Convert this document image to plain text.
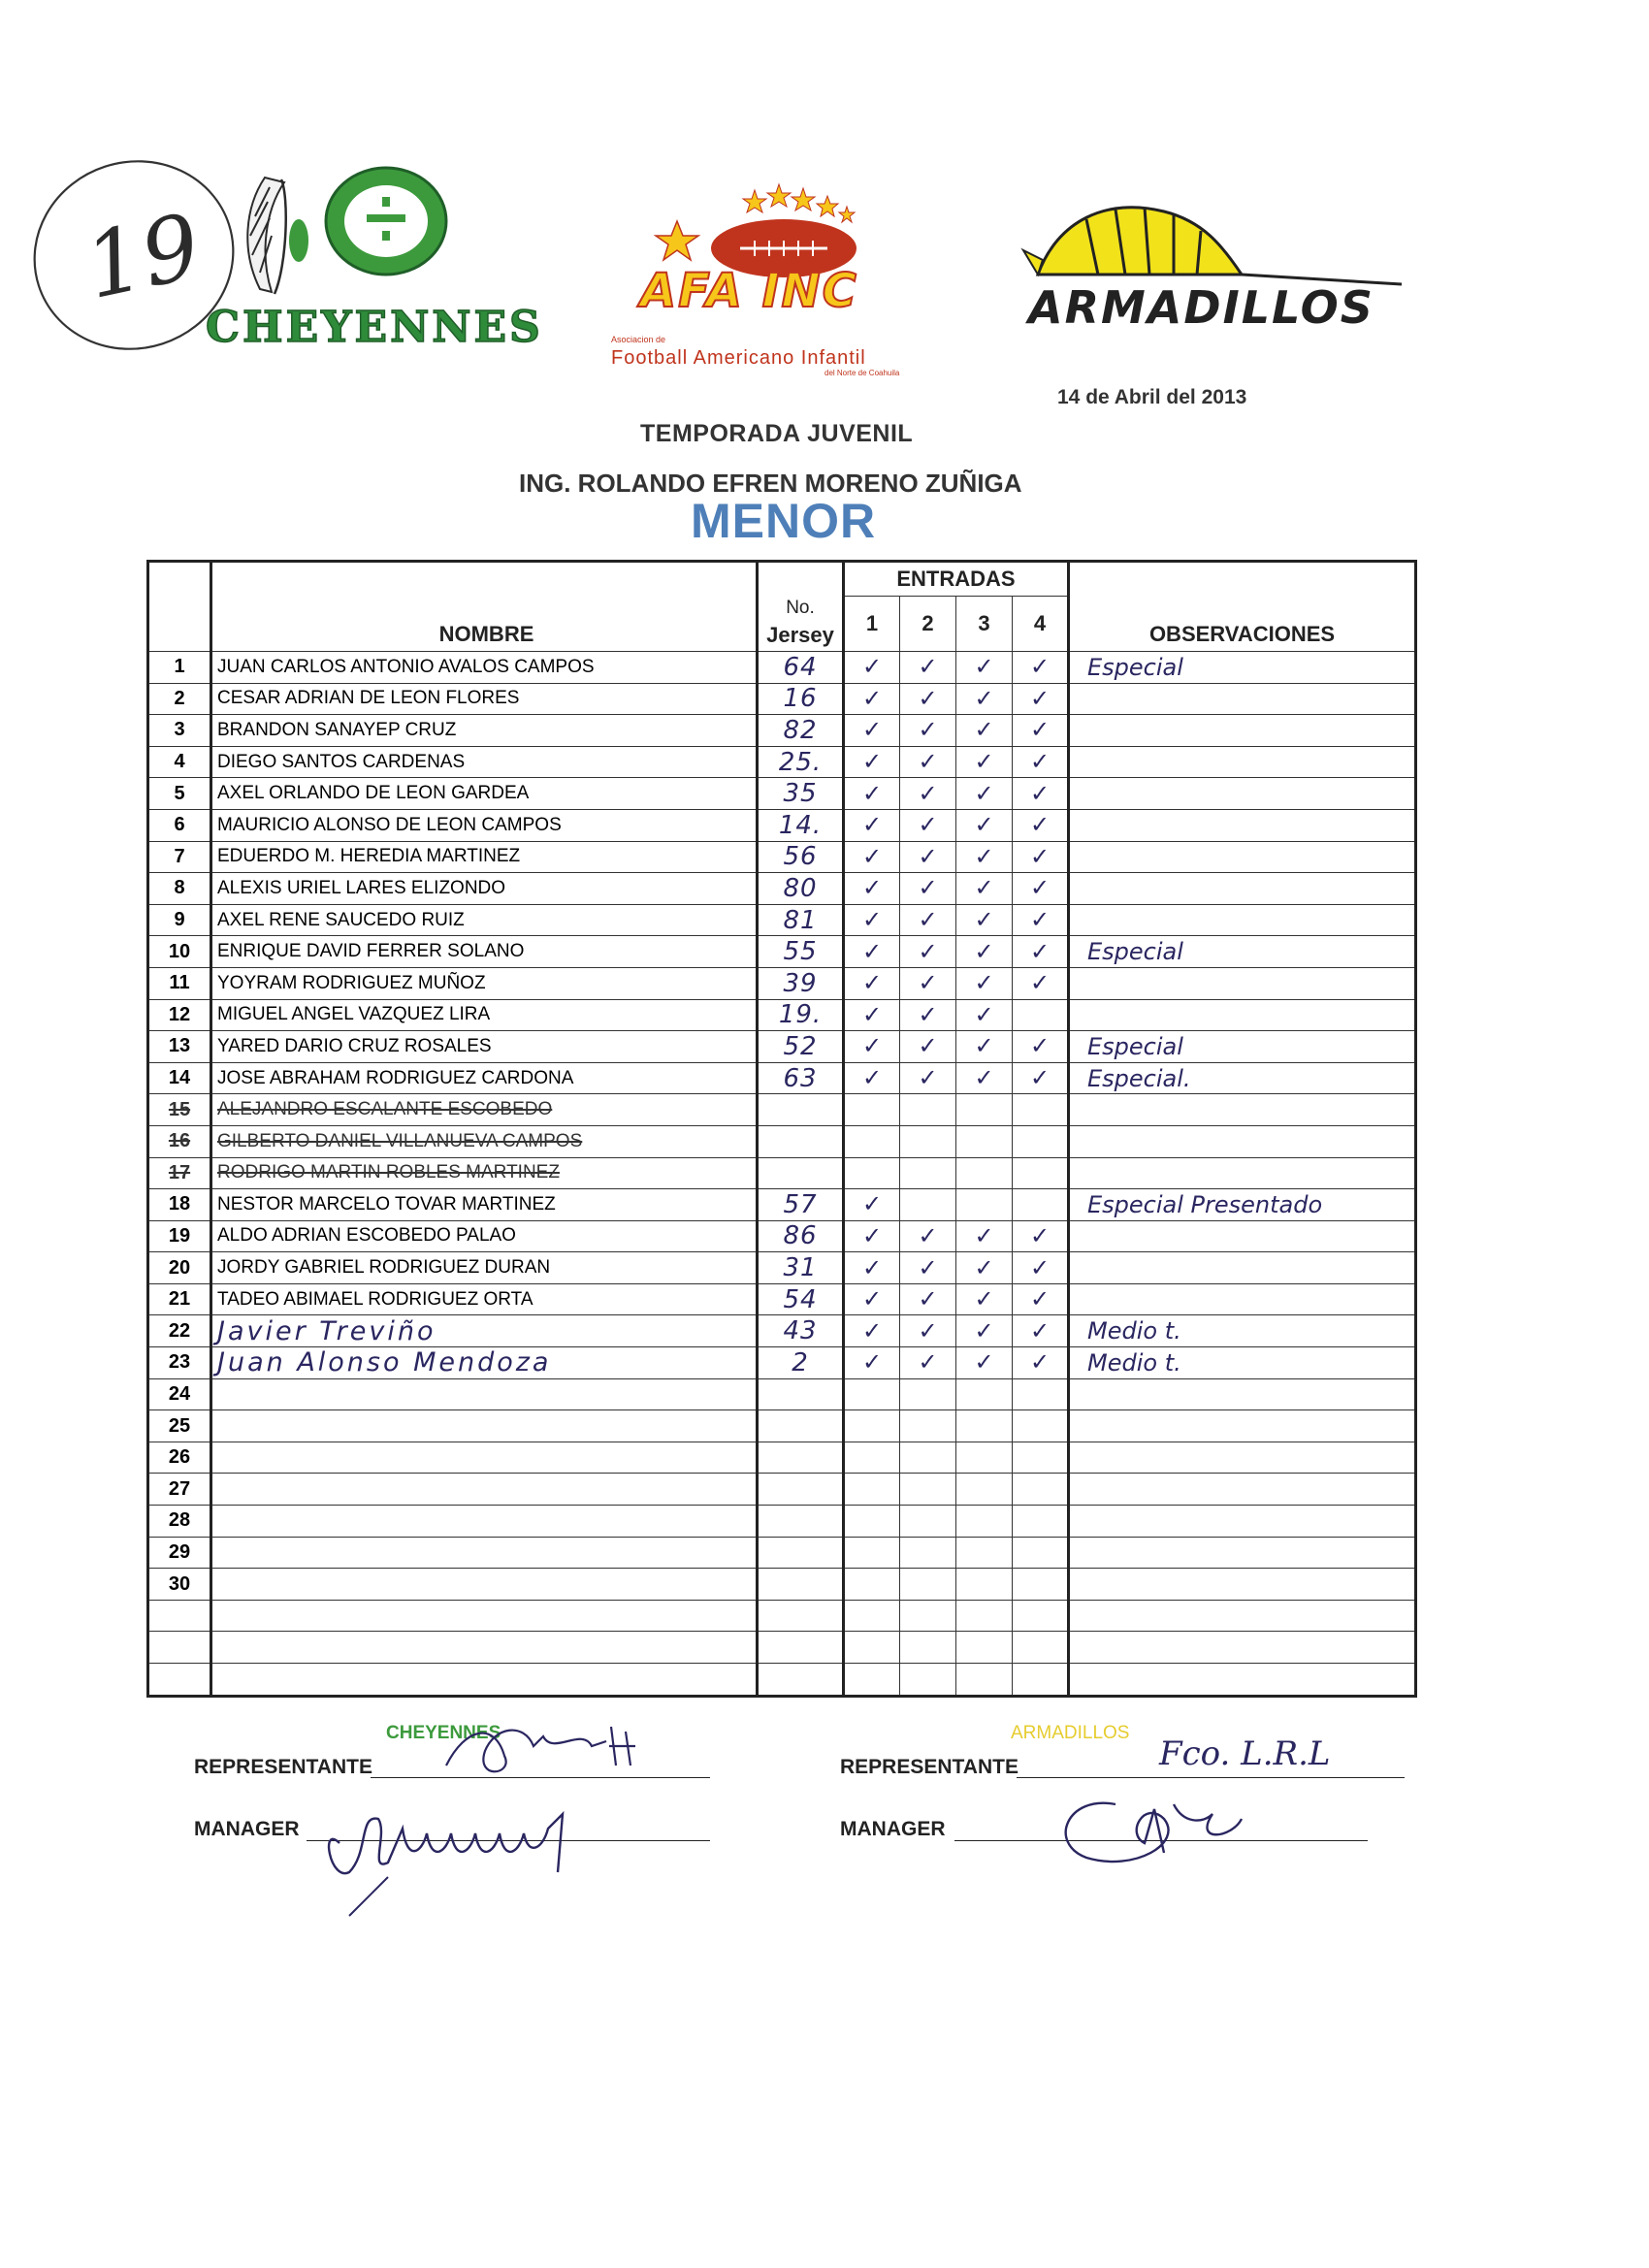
19
CHEYENNES
AFA INC
Asociacion de
Football Americano Infantil
del Norte de Coahuila
ARMADILLOS
14 de Abril del 2013
TEMPORADA JUVENIL
ING. ROLANDO EFREN MORENO ZUÑIGA
MENOR
	NOMBRE	No.
Jersey	ENTRADAS				OBSERVACIONES
			1	2	3	4	
1	JUAN CARLOS ANTONIO AVALOS CAMPOS	64	✓	✓	✓	✓	Especial
2	CESAR ADRIAN DE LEON FLORES	16	✓	✓	✓	✓	
3	BRANDON SANAYEP CRUZ	82	✓	✓	✓	✓	
4	DIEGO SANTOS CARDENAS	25.	✓	✓	✓	✓	
5	AXEL ORLANDO DE LEON GARDEA	35	✓	✓	✓	✓	
6	MAURICIO ALONSO DE LEON CAMPOS	14.	✓	✓	✓	✓	
7	EDUERDO M. HEREDIA MARTINEZ	56	✓	✓	✓	✓	
8	ALEXIS URIEL LARES ELIZONDO	80	✓	✓	✓	✓	
9	AXEL RENE SAUCEDO RUIZ	81	✓	✓	✓	✓	
10	ENRIQUE DAVID FERRER SOLANO	55	✓	✓	✓	✓	Especial
11	YOYRAM RODRIGUEZ MUÑOZ	39	✓	✓	✓	✓	
12	MIGUEL ANGEL VAZQUEZ LIRA	19.	✓	✓	✓		
13	YARED DARIO CRUZ ROSALES	52	✓	✓	✓	✓	Especial
14	JOSE ABRAHAM RODRIGUEZ CARDONA	63	✓	✓	✓	✓	Especial.
15	ALEJANDRO ESCALANTE ESCOBEDO						
16	GILBERTO DANIEL VILLANUEVA CAMPOS						
17	RODRIGO MARTIN ROBLES MARTINEZ						
18	NESTOR MARCELO TOVAR MARTINEZ	57	✓				Especial Presentado
19	ALDO ADRIAN ESCOBEDO PALAO	86	✓	✓	✓	✓	
20	JORDY GABRIEL RODRIGUEZ DURAN	31	✓	✓	✓	✓	
21	TADEO ABIMAEL RODRIGUEZ ORTA	54	✓	✓	✓	✓	
22	Javier Treviño	43	✓	✓	✓	✓	Medio t.
23	Juan Alonso Mendoza	2	✓	✓	✓	✓	Medio t.
24							
25							
26							
27							
28							
29							
30							

CHEYENNES
REPRESENTANTE
MANAGER
ARMADILLOS
REPRESENTANTE	Fco. L.R.L
MANAGER
